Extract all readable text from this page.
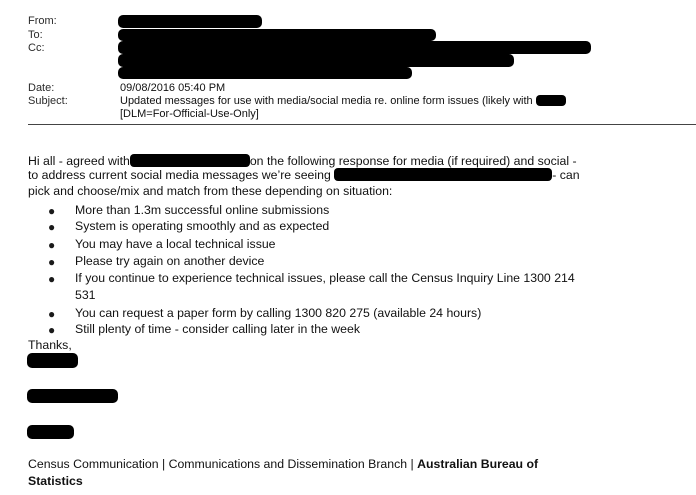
From:
To:
Cc:
Date:
Subject:
09/08/2016 05:40 PM
Updated messages for use with media/social media re. online form issues (likely with
[DLM=For-Official-Use-Only]
Hi all - agreed with	on the following response for media (if required) and social -
to address current social media messages we’re seeing	- can
pick and choose/mix and match from these depending on situation:
● More than 1.3m successful online submissions
● System is operating smoothly and as expected
● You may have a local technical issue
● Please try again on another device
● If you continue to experience technical issues, please call the Census Inquiry Line 1300 214
531
● You can request a paper form by calling 1300 820 275 (available 24 hours)
● Still plenty of time - consider calling later in the week
Thanks,
Census Communication | Communications and Dissemination Branch | Australian Bureau of
Statistics
